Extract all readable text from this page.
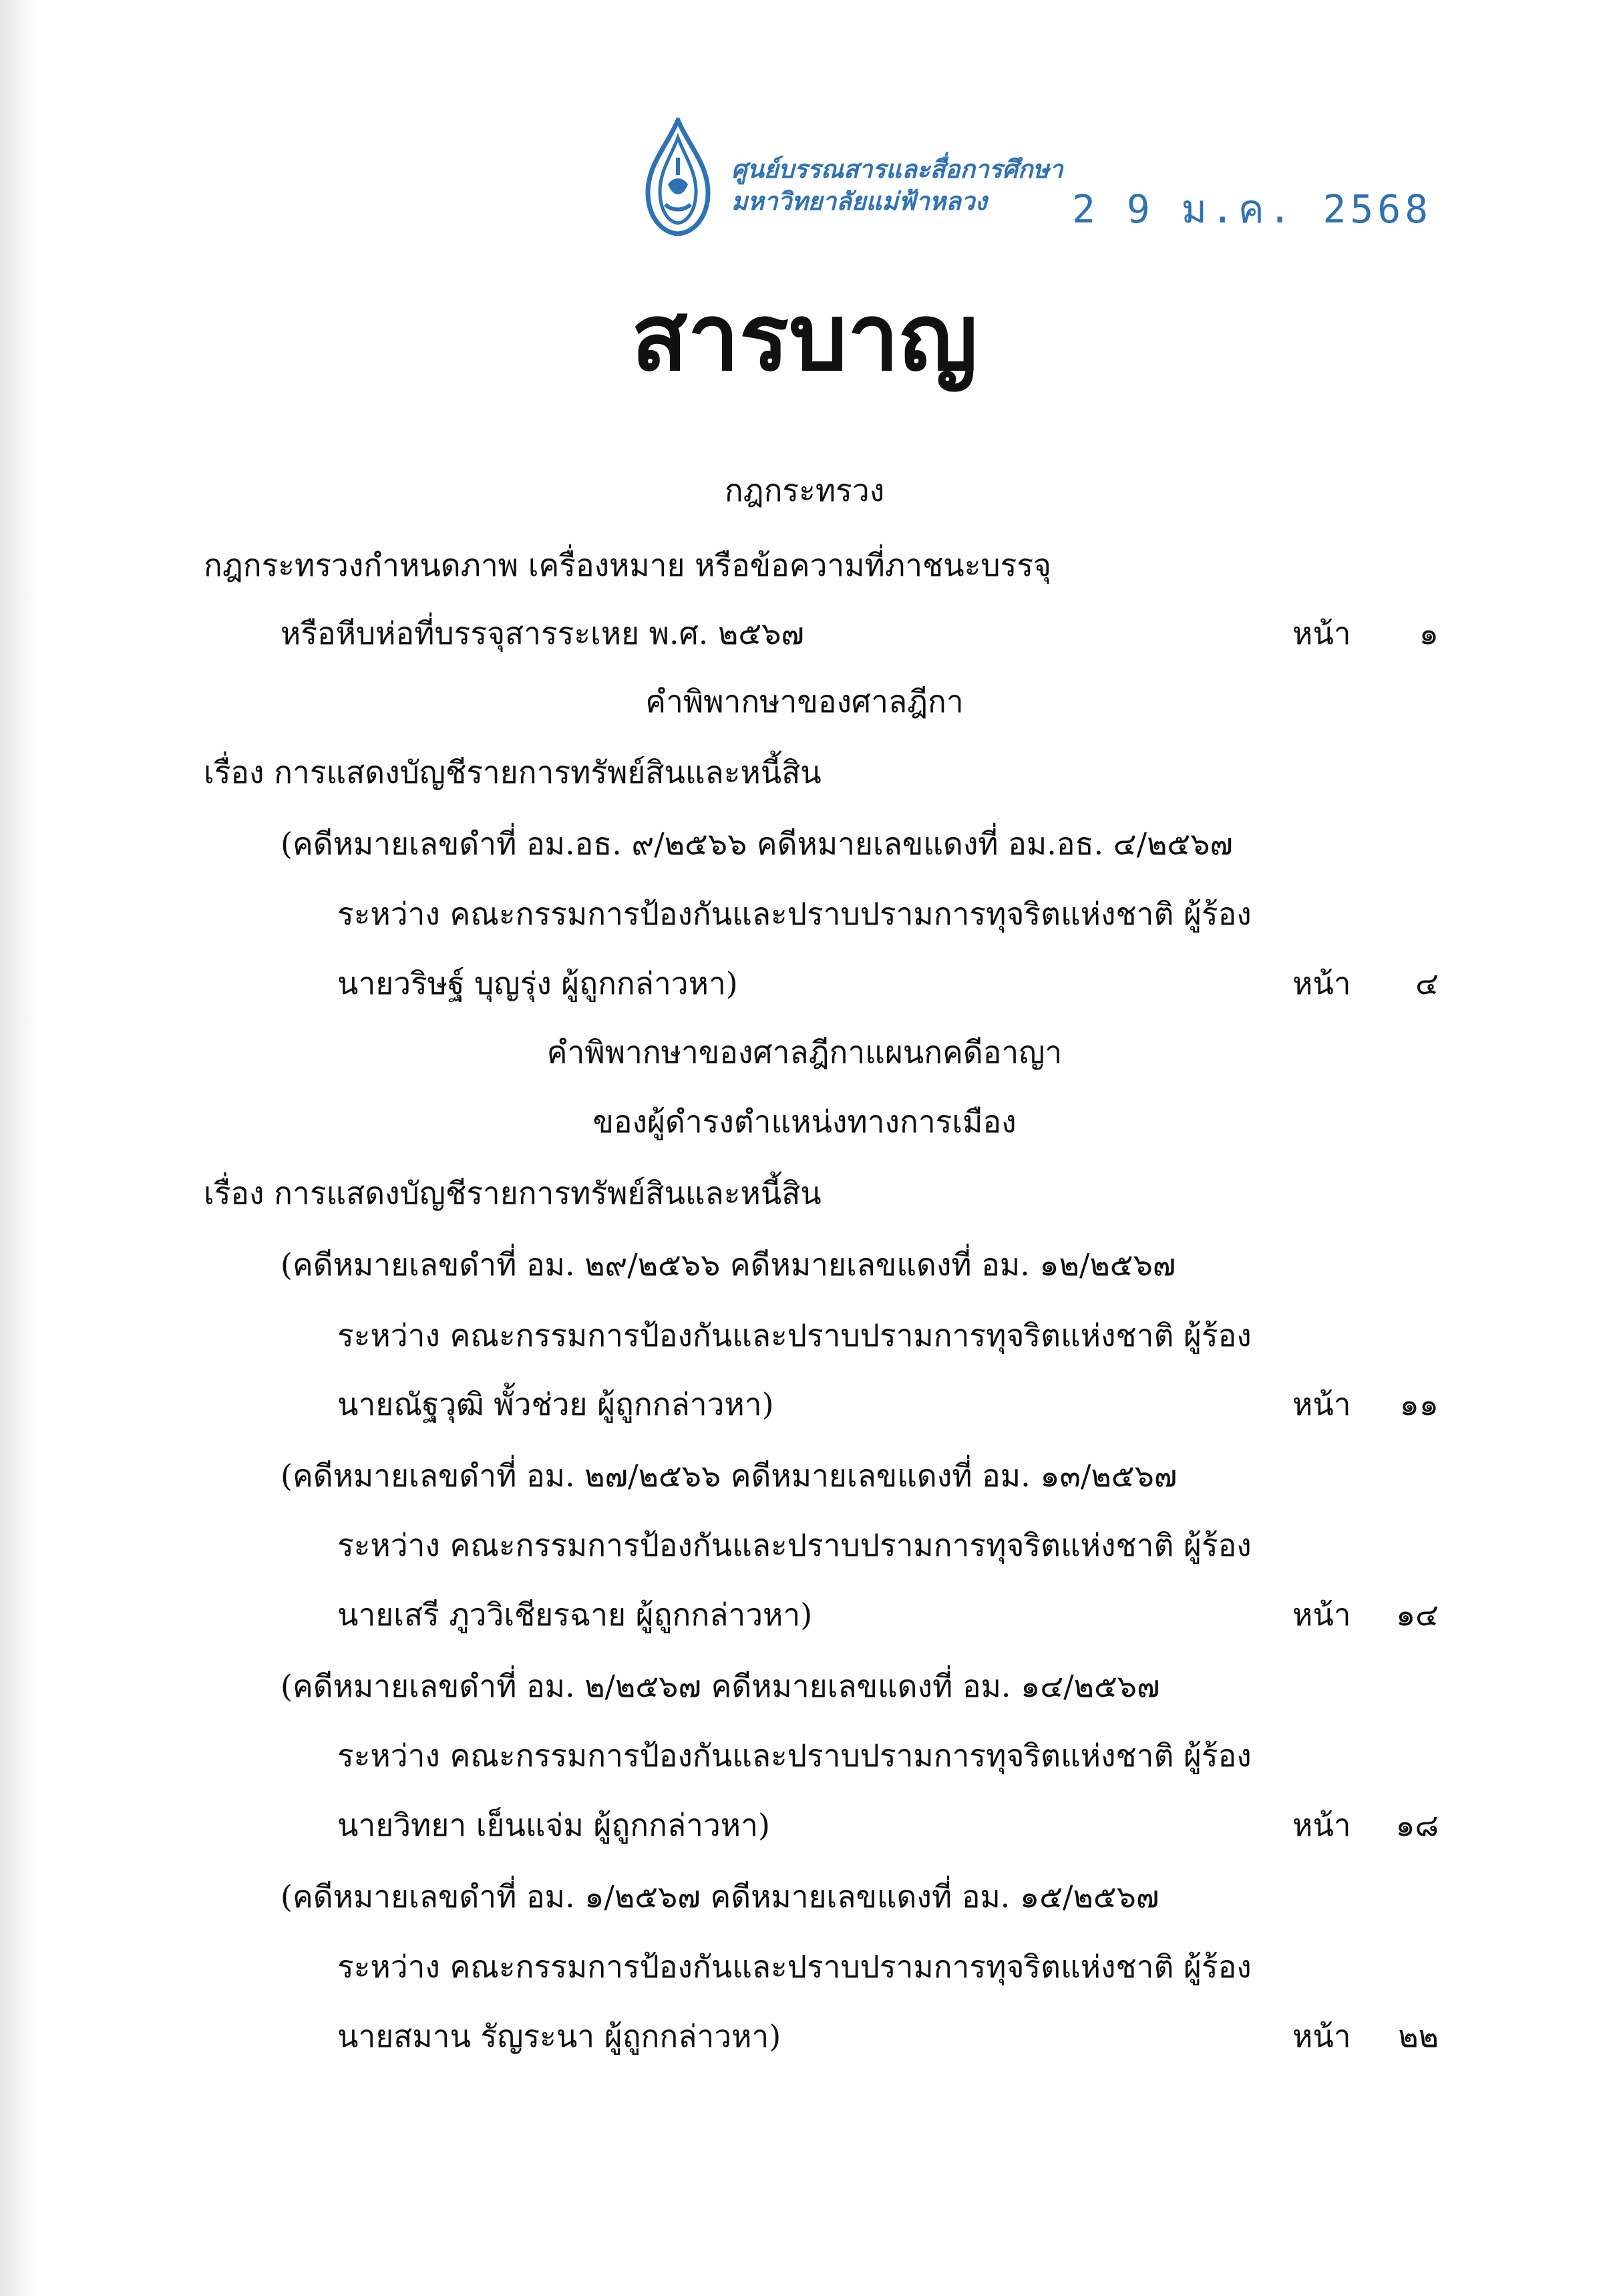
ศูนย์บรรณสารและสื่อการศึกษา
มหาวิทยาลัยแม่ฟ้าหลวง	2 9 ม.ค. 2568
สารบาญ
กฎกระทรวง
กฎกระทรวงกำหนดภาพ เครื่องหมาย หรือข้อความที่ภาชนะบรรจุ
หรือหีบห่อที่บรรจุสารระเหย พ.ศ. ๒๕๖๗	หน้า ๑
คำพิพากษาของศาลฎีกา
เรื่อง การแสดงบัญชีรายการทรัพย์สินและหนี้สิน
(คดีหมายเลขดำที่ อม.อธ. ๙/๒๕๖๖ คดีหมายเลขแดงที่ อม.อธ. ๔/๒๕๖๗
ระหว่าง คณะกรรมการป้องกันและปราบปรามการทุจริตแห่งชาติ ผู้ร้อง
นายวริษฐ์ บุญรุ่ง ผู้ถูกกล่าวหา)	หน้า ๔
คำพิพากษาของศาลฎีกาแผนกคดีอาญา
ของผู้ดำรงตำแหน่งทางการเมือง
เรื่อง การแสดงบัญชีรายการทรัพย์สินและหนี้สิน
(คดีหมายเลขดำที่ อม. ๒๙/๒๕๖๖ คดีหมายเลขแดงที่ อม. ๑๒/๒๕๖๗
ระหว่าง คณะกรรมการป้องกันและปราบปรามการทุจริตแห่งชาติ ผู้ร้อง
นายณัฐวุฒิ พั้วช่วย ผู้ถูกกล่าวหา)	หน้า ๑๑
(คดีหมายเลขดำที่ อม. ๒๗/๒๕๖๖ คดีหมายเลขแดงที่ อม. ๑๓/๒๕๖๗
ระหว่าง คณะกรรมการป้องกันและปราบปรามการทุจริตแห่งชาติ ผู้ร้อง
นายเสรี ภูววิเชียรฉาย ผู้ถูกกล่าวหา)	หน้า ๑๔
(คดีหมายเลขดำที่ อม. ๒/๒๕๖๗ คดีหมายเลขแดงที่ อม. ๑๔/๒๕๖๗
ระหว่าง คณะกรรมการป้องกันและปราบปรามการทุจริตแห่งชาติ ผู้ร้อง
นายวิทยา เย็นแจ่ม ผู้ถูกกล่าวหา)	หน้า ๑๘
(คดีหมายเลขดำที่ อม. ๑/๒๕๖๗ คดีหมายเลขแดงที่ อม. ๑๕/๒๕๖๗
ระหว่าง คณะกรรมการป้องกันและปราบปรามการทุจริตแห่งชาติ ผู้ร้อง
นายสมาน รัญระนา ผู้ถูกกล่าวหา)	หน้า ๒๒
